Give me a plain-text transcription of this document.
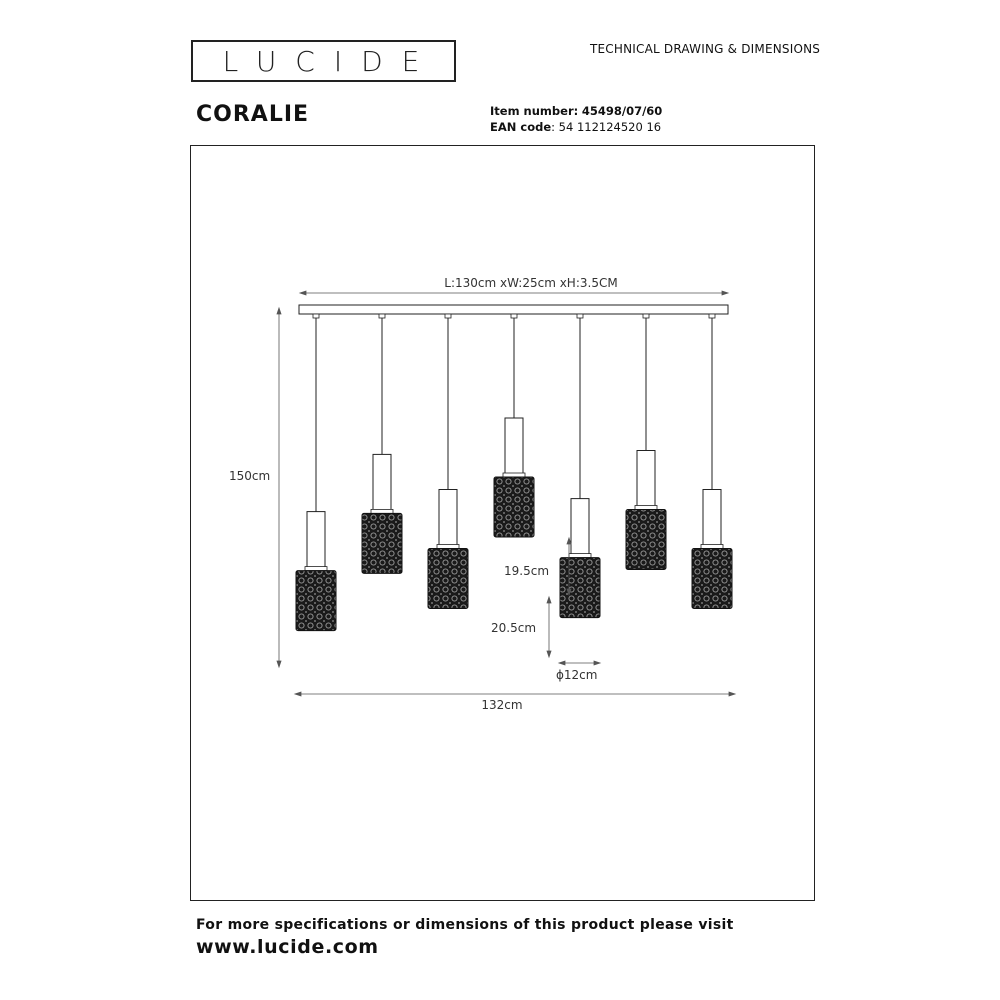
LUCIDE	TECHNICAL DRAWING & DIMENSIONS
CORALIE	Item number: 45498/07/60
EAN code: 54 112124520 16
L:130cm xW:25cm xH:3.5CM
150cm
19.5cm
20.5cm
ϕ12cm
132cm
For more specifications or dimensions of this product please visit
www.lucide.com
